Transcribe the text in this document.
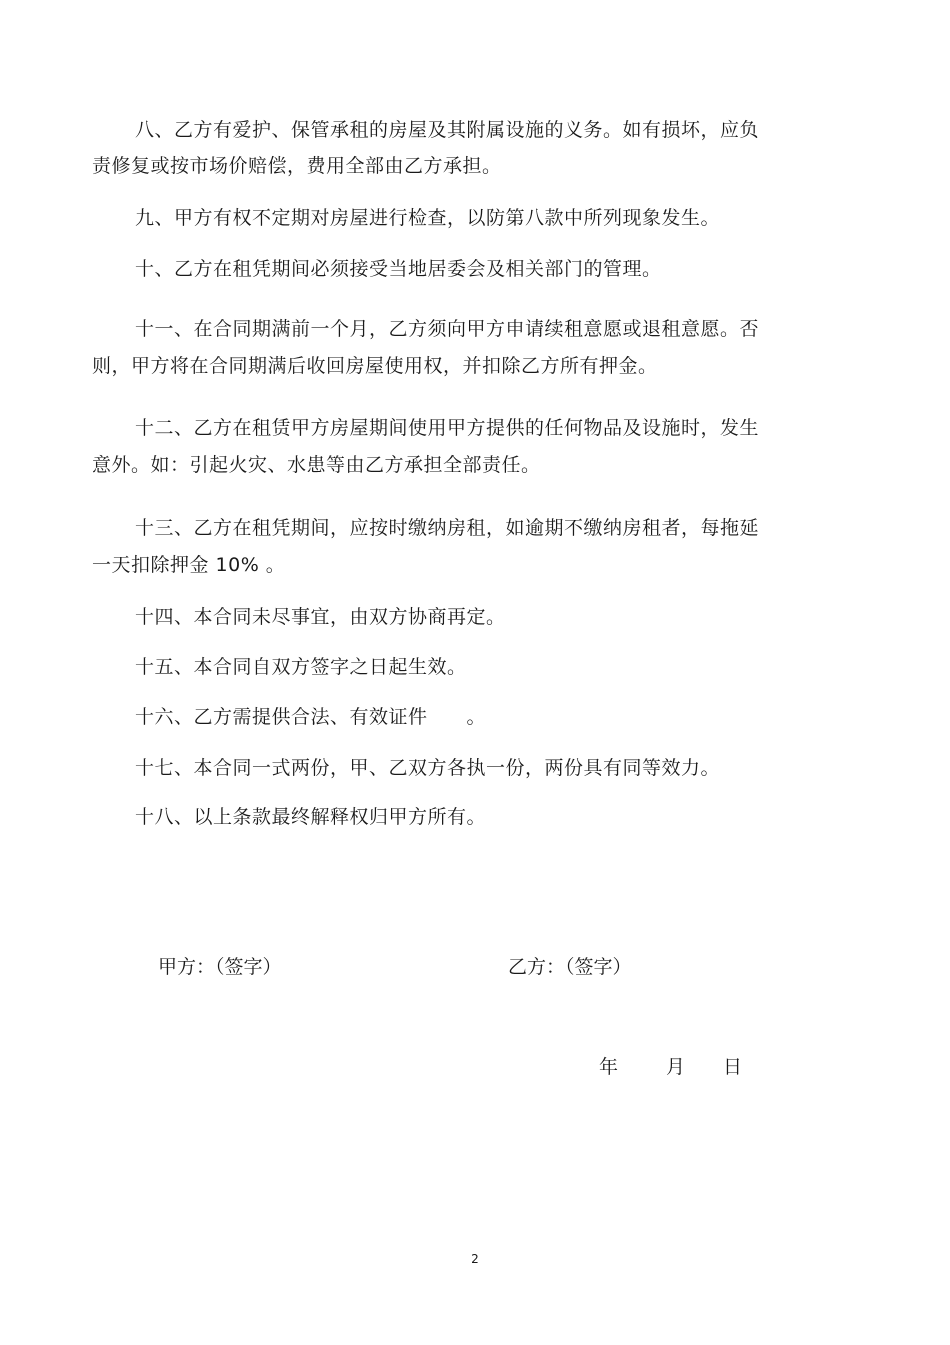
八、乙方有爱护、保管承租的房屋及其附属设施的义务。如有损坏，应负
责修复或按市场价赔偿，费用全部由乙方承担。
九、甲方有权不定期对房屋进行检查，以防第八款中所列现象发生。
十、乙方在租凭期间必须接受当地居委会及相关部门的管理。
十一、在合同期满前一个月，乙方须向甲方申请续租意愿或退租意愿。否
则，甲方将在合同期满后收回房屋使用权，并扣除乙方所有押金。
十二、乙方在租赁甲方房屋期间使用甲方提供的任何物品及设施时，发生
意外。如：引起火灾、水患等由乙方承担全部责任。
十三、乙方在租凭期间，应按时缴纳房租，如逾期不缴纳房租者，每拖延
一天扣除押金 10% 。
十四、本合同未尽事宜，由双方协商再定。
十五、本合同自双方签字之日起生效。
十六、乙方需提供合法、有效证件　　。
十七、本合同一式两份，甲、乙双方各执一份，两份具有同等效力。
十八、以上条款最终解释权归甲方所有。
甲方：（签字）	乙方：（签字）
年	月 日
2
